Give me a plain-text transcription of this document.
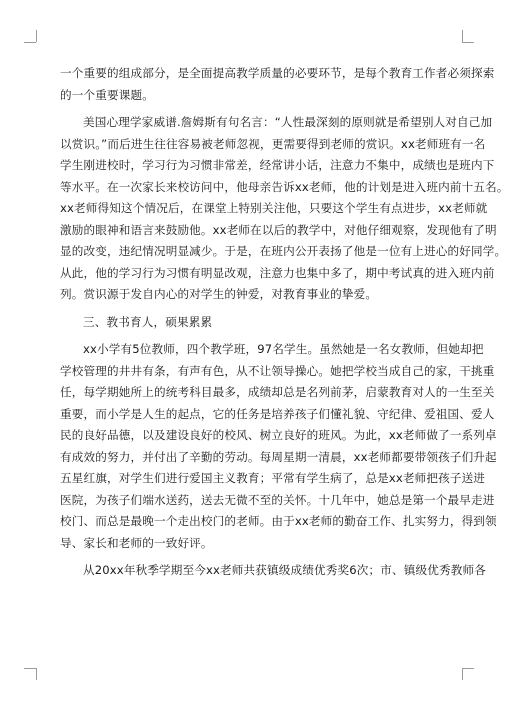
一个重要的组成部分，是全面提高教学质量的必要环节，是每个教育工作者必须探索
的一个重要课题。
美国心理学家威谱.詹姆斯有句名言：“人性最深刻的原则就是希望别人对自己加
以赏识。”而后进生往往容易被老师忽视，更需要得到老师的赏识。xx老师班有一名
学生刚进校时，学习行为习惯非常差，经常讲小话，注意力不集中，成绩也是班内下
等水平。在一次家长来校访问中，他母亲告诉xx老师，他的计划是进入班内前十五名。
xx老师得知这个情况后，在课堂上特别关注他，只要这个学生有点进步，xx老师就
激励的眼神和语言来鼓励他。xx老师在以后的教学中，对他仔细观察，发现他有了明
显的改变，违纪情况明显减少。于是，在班内公开表扬了他是一位有上进心的好同学。
从此，他的学习行为习惯有明显改观，注意力也集中多了，期中考试真的进入班内前
列。赏识源于发自内心的对学生的钟爱，对教育事业的挚爱。
三、教书育人，硕果累累
xx小学有5位教师，四个教学班，97名学生。虽然她是一名女教师，但她却把
学校管理的井井有条，有声有色，从不让领导操心。她把学校当成自己的家，干挑重
任，每学期她所上的统考科目最多，成绩却总是名列前茅，启蒙教育对人的一生至关
重要，而小学是人生的起点，它的任务是培养孩子们懂礼貌、守纪律、爱祖国、爱人
民的良好品德，以及建设良好的校风、树立良好的班风。为此，xx老师做了一系列卓
有成效的努力，并付出了辛勤的劳动。每周星期一清晨，xx老师都要带领孩子们升起
五星红旗，对学生们进行爱国主义教育；平常有学生病了，总是xx老师把孩子送进
医院，为孩子们端水送药，送去无微不至的关怀。十几年中，她总是第一个最早走进
校门、而总是最晚一个走出校门的老师。由于xx老师的勤奋工作、扎实努力，得到领
导、家长和老师的一致好评。
从20xx年秋季学期至今xx老师共获镇级成绩优秀奖6次；市、镇级优秀教师各
